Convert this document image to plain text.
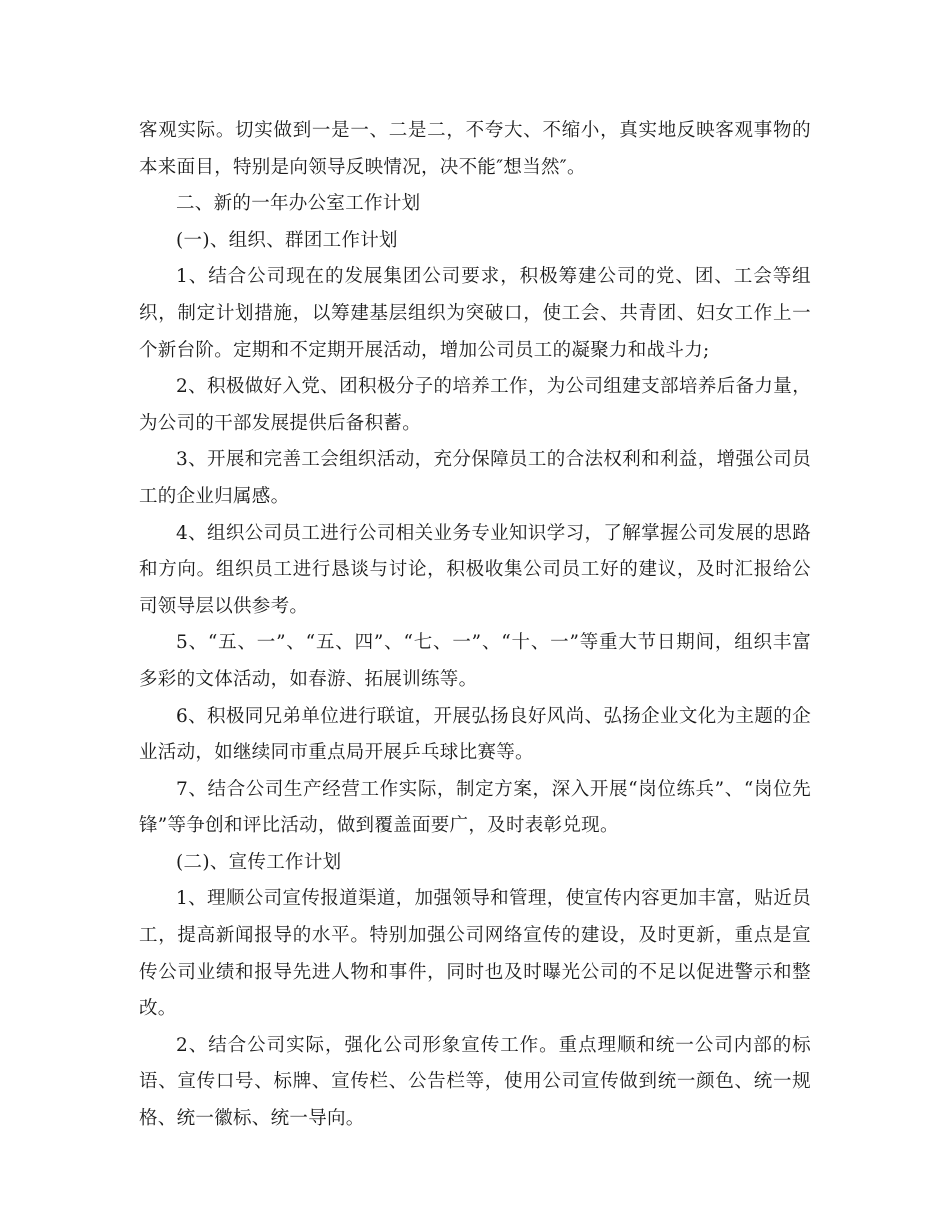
客观实际。切实做到一是一、二是二，不夸大、不缩小，真实地反映客观事物的本来面目，特别是向领导反映情况，决不能″想当然″。

二、新的一年办公室工作计划

(一)、组织、群团工作计划

1、结合公司现在的发展集团公司要求，积极筹建公司的党、团、工会等组织，制定计划措施，以筹建基层组织为突破口，使工会、共青团、妇女工作上一个新台阶。定期和不定期开展活动，增加公司员工的凝聚力和战斗力;

2、积极做好入党、团积极分子的培养工作，为公司组建支部培养后备力量，为公司的干部发展提供后备积蓄。

3、开展和完善工会组织活动，充分保障员工的合法权利和利益，增强公司员工的企业归属感。

4、组织公司员工进行公司相关业务专业知识学习，了解掌握公司发展的思路和方向。组织员工进行恳谈与讨论，积极收集公司员工好的建议，及时汇报给公司领导层以供参考。

5、“五、一”、“五、四”、“七、一”、“十、一”等重大节日期间，组织丰富多彩的文体活动，如春游、拓展训练等。

6、积极同兄弟单位进行联谊，开展弘扬良好风尚、弘扬企业文化为主题的企业活动，如继续同市重点局开展乒乓球比赛等。

7、结合公司生产经营工作实际，制定方案，深入开展“岗位练兵”、“岗位先锋”等争创和评比活动，做到覆盖面要广，及时表彰兑现。

(二)、宣传工作计划

1、理顺公司宣传报道渠道，加强领导和管理，使宣传内容更加丰富，贴近员工，提高新闻报导的水平。特别加强公司网络宣传的建设，及时更新，重点是宣传公司业绩和报导先进人物和事件，同时也及时曝光公司的不足以促进警示和整改。

2、结合公司实际，强化公司形象宣传工作。重点理顺和统一公司内部的标语、宣传口号、标牌、宣传栏、公告栏等，使用公司宣传做到统一颜色、统一规格、统一徽标、统一导向。
